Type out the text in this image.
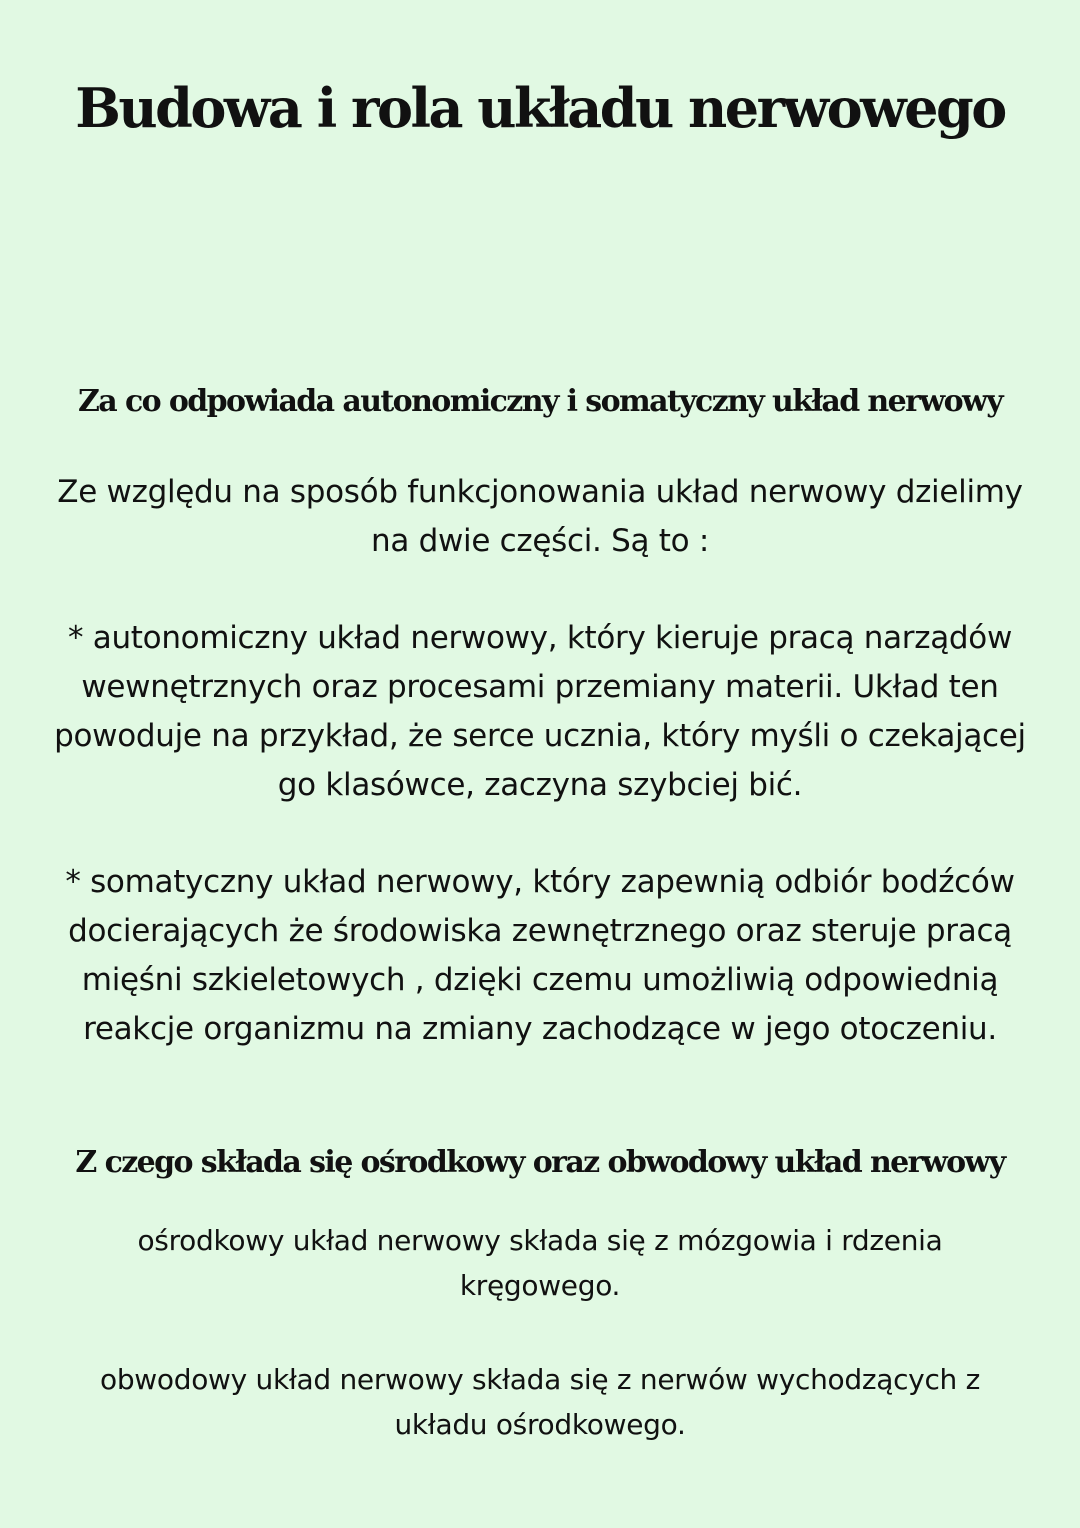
Budowa i rola układu nerwowego
Za co odpowiada autonomiczny i somatyczny układ nerwowy
Ze względu na sposób funkcjonowania układ nerwowy dzielimy
na dwie części. Są to :
* autonomiczny układ nerwowy, który kieruje pracą narządów
wewnętrznych oraz procesami przemiany materii. Układ ten
powoduje na przykład, że serce ucznia, który myśli o czekającej
go klasówce, zaczyna szybciej bić.
* somatyczny układ nerwowy, który zapewnią odbiór bodźców
docierających że środowiska zewnętrznego oraz steruje pracą
mięśni szkieletowych , dzięki czemu umożliwią odpowiednią
reakcje organizmu na zmiany zachodzące w jego otoczeniu.
Z czego składa się ośrodkowy oraz obwodowy układ nerwowy
ośrodkowy układ nerwowy składa się z mózgowia i rdzenia
kręgowego.
obwodowy układ nerwowy składa się z nerwów wychodzących z
układu ośrodkowego.
